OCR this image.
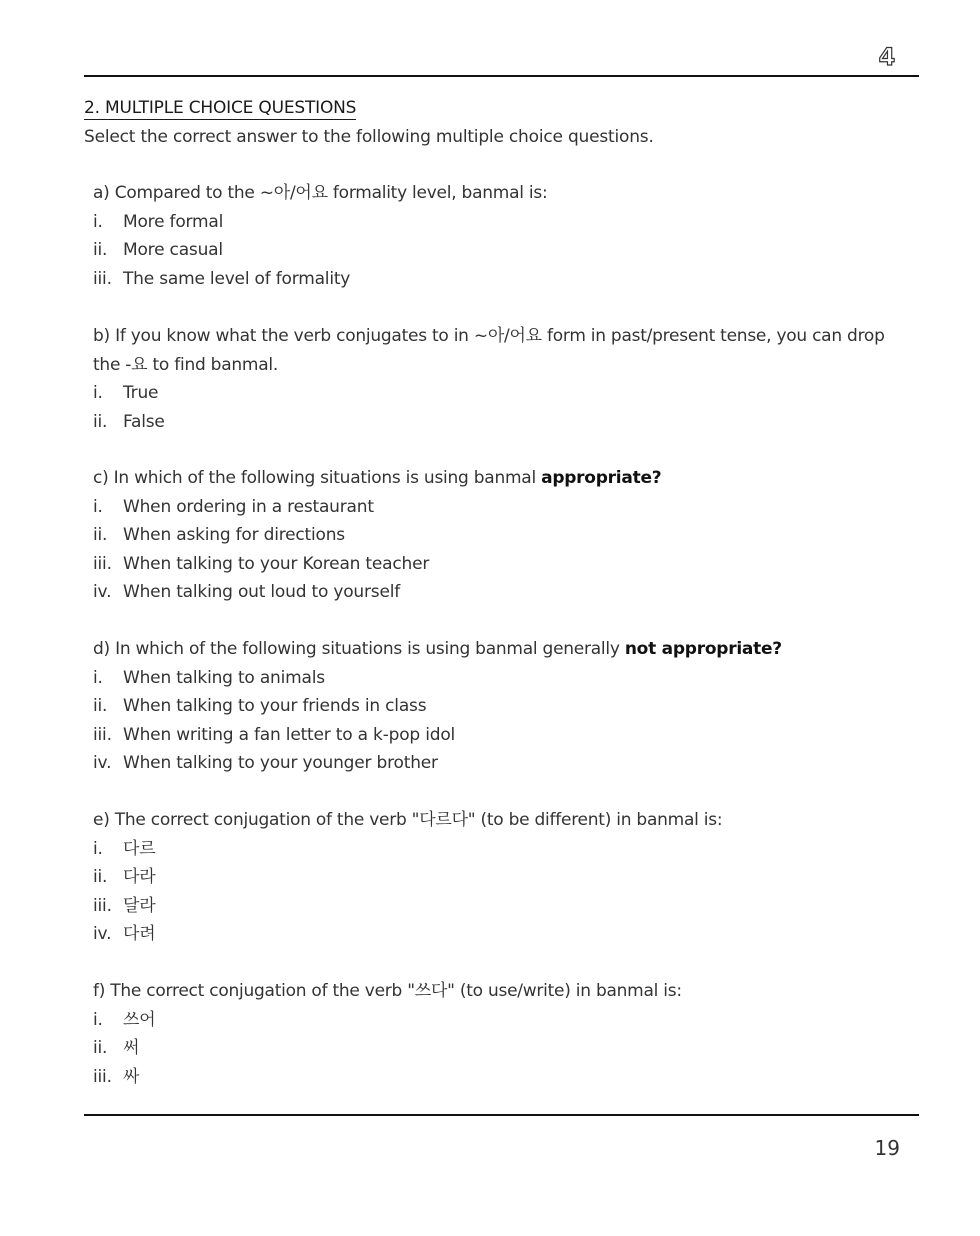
4
2. MULTIPLE CHOICE QUESTIONS
Select the correct answer to the following multiple choice questions.

a) Compared to the ~아/어요 formality level, banmal is:

i.	More formal
ii. More casual
iii. The same level of formality

b) If you know what the verb conjugates to in ~아/어요 form in past/present tense, you can drop the -요 to find banmal.

i.	True
ii. False

c) In which of the following situations is using banmal appropriate?

i.	When ordering in a restaurant
ii. When asking for directions
iii. When talking to your Korean teacher
iv. When talking out loud to yourself

d) In which of the following situations is using banmal generally not appropriate?

i.	When talking to animals
ii. When talking to your friends in class
iii. When writing a fan letter to a k-pop idol
iv. When talking to your younger brother

e) The correct conjugation of the verb "다르다" (to be different) in banmal is:

i.	다르
ii. 다라
iii. 달라
iv. 다려

f) The correct conjugation of the verb "쓰다" (to use/write) in banmal is:

i.	쓰어
ii. 써
iii. 싸
19
